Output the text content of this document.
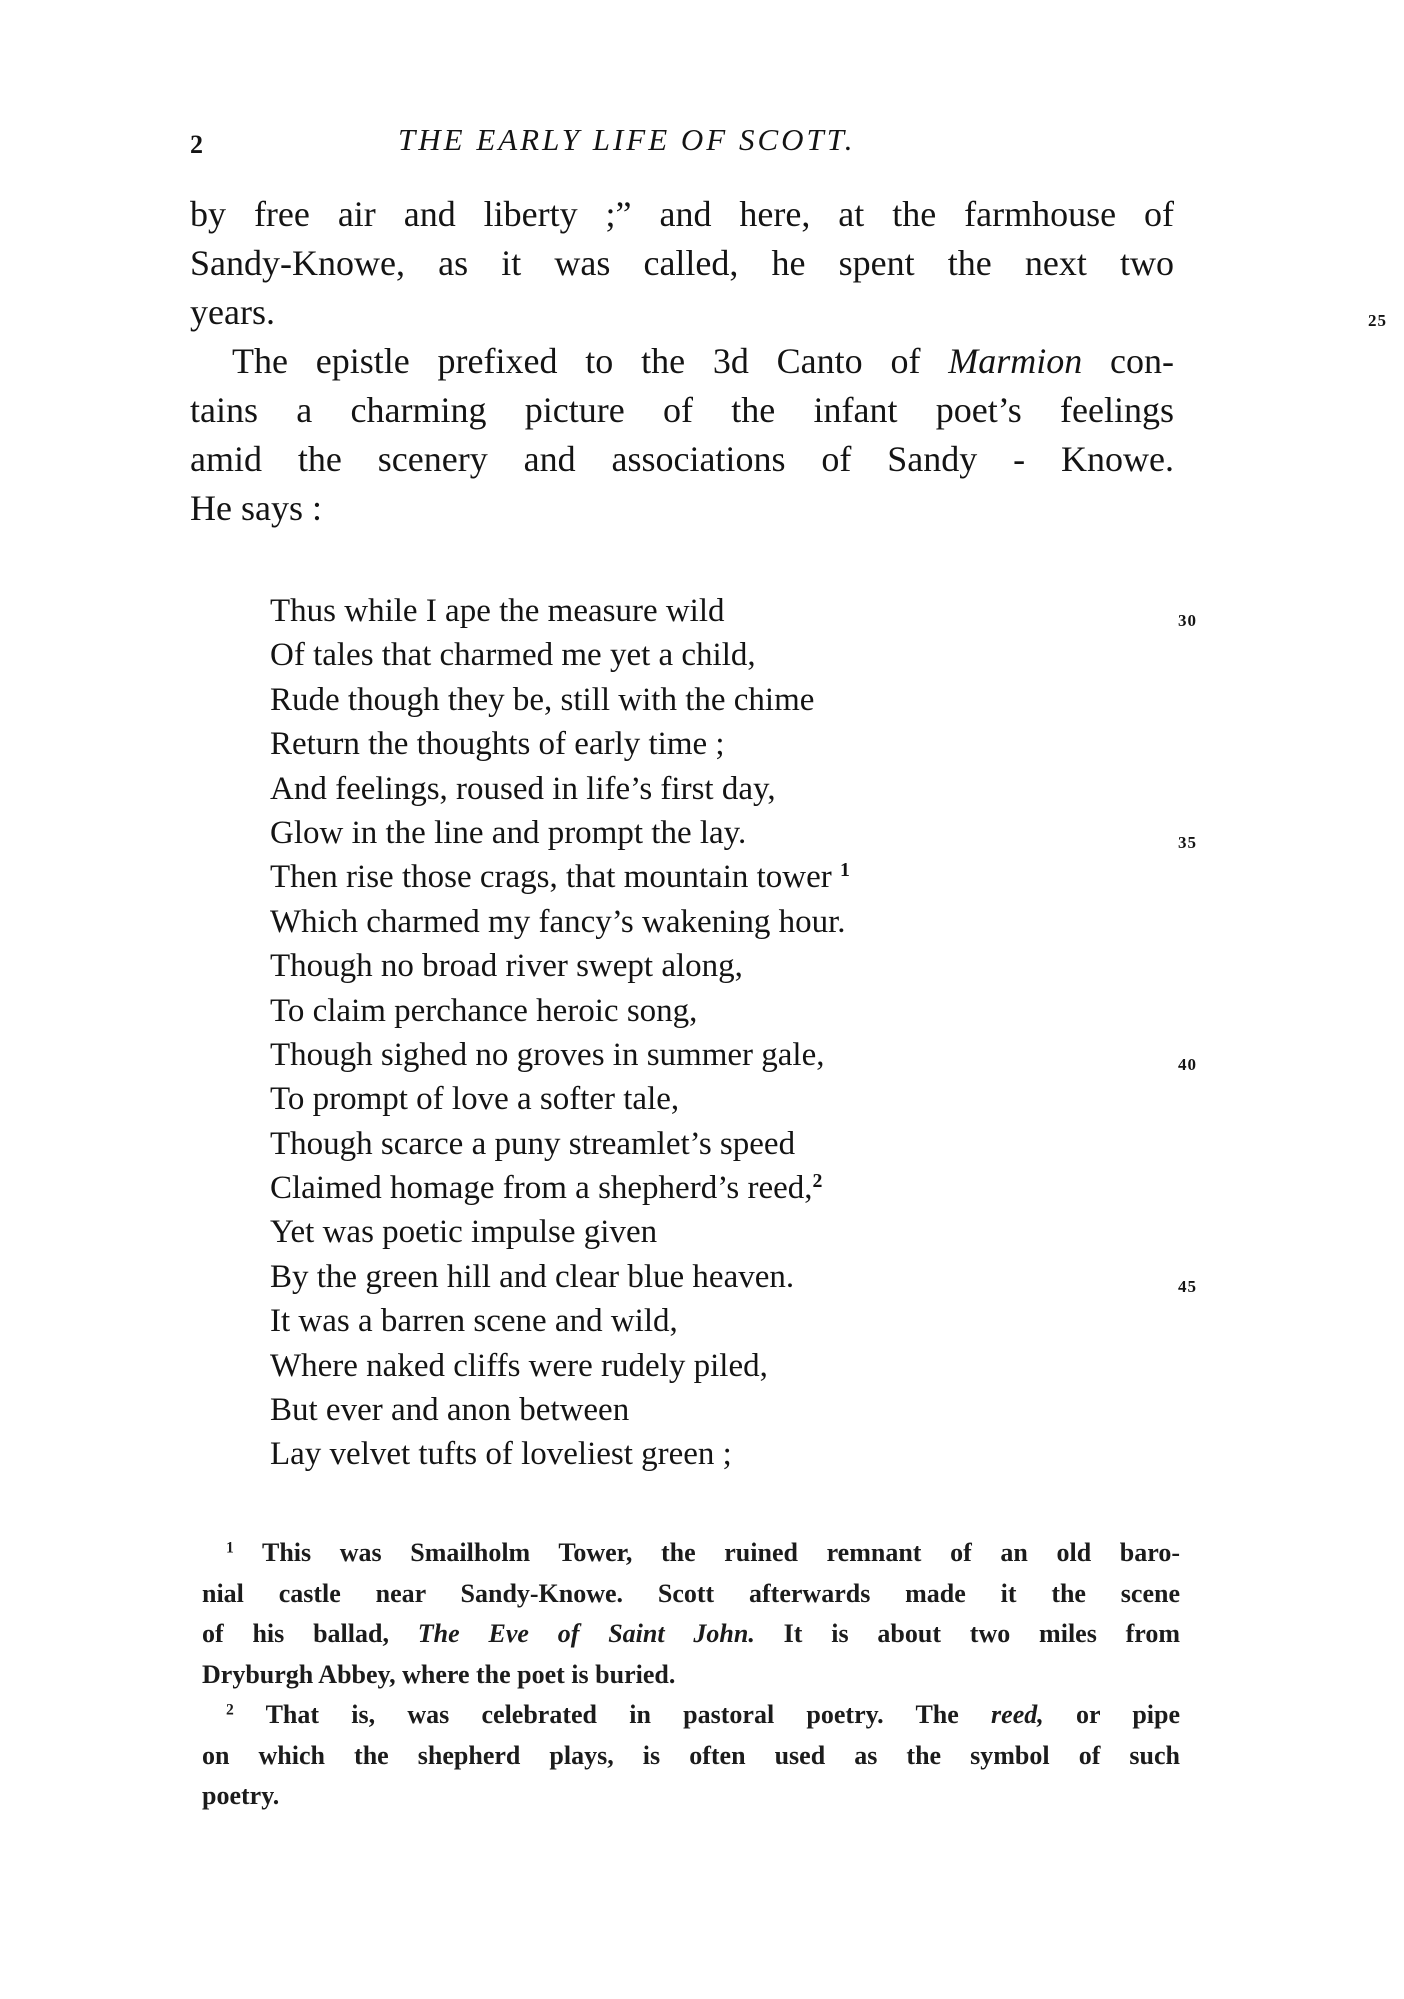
2	THE EARLY LIFE OF SCOTT.
by free air and liberty ;” and here, at the farmhouse of
Sandy-Knowe, as it was called, he spent the next two
years.	25
The epistle prefixed to the 3d Canto of Marmion con-
tains a charming picture of the infant poet’s feelings
amid the scenery and associations of Sandy - Knowe.
He says :
Thus while I ape the measure wild	30
Of tales that charmed me yet a child,
Rude though they be, still with the chime
Return the thoughts of early time ;
And feelings, roused in life’s first day,
Glow in the line and prompt the lay.	35
Then rise those crags, that mountain tower $^1$
Which charmed my fancy’s wakening hour.
Though no broad river swept along,
To claim perchance heroic song,
Though sighed no groves in summer gale,	40
To prompt of love a softer tale,
Though scarce a puny streamlet’s speed
Claimed homage from a shepherd’s reed,$^2$
Yet was poetic impulse given
By the green hill and clear blue heaven.	45
It was a barren scene and wild,
Where naked cliffs were rudely piled,
But ever and anon between
Lay velvet tufts of loveliest green ;
$^1$ This was Smailholm Tower, the ruined remnant of an old baro-
nial castle near Sandy-Knowe. Scott afterwards made it the scene
of his ballad, The Eve of Saint John. It is about two miles from
Dryburgh Abbey, where the poet is buried.
$^2$ That is, was celebrated in pastoral poetry. The reed, or pipe
on which the shepherd plays, is often used as the symbol of such
poetry.
